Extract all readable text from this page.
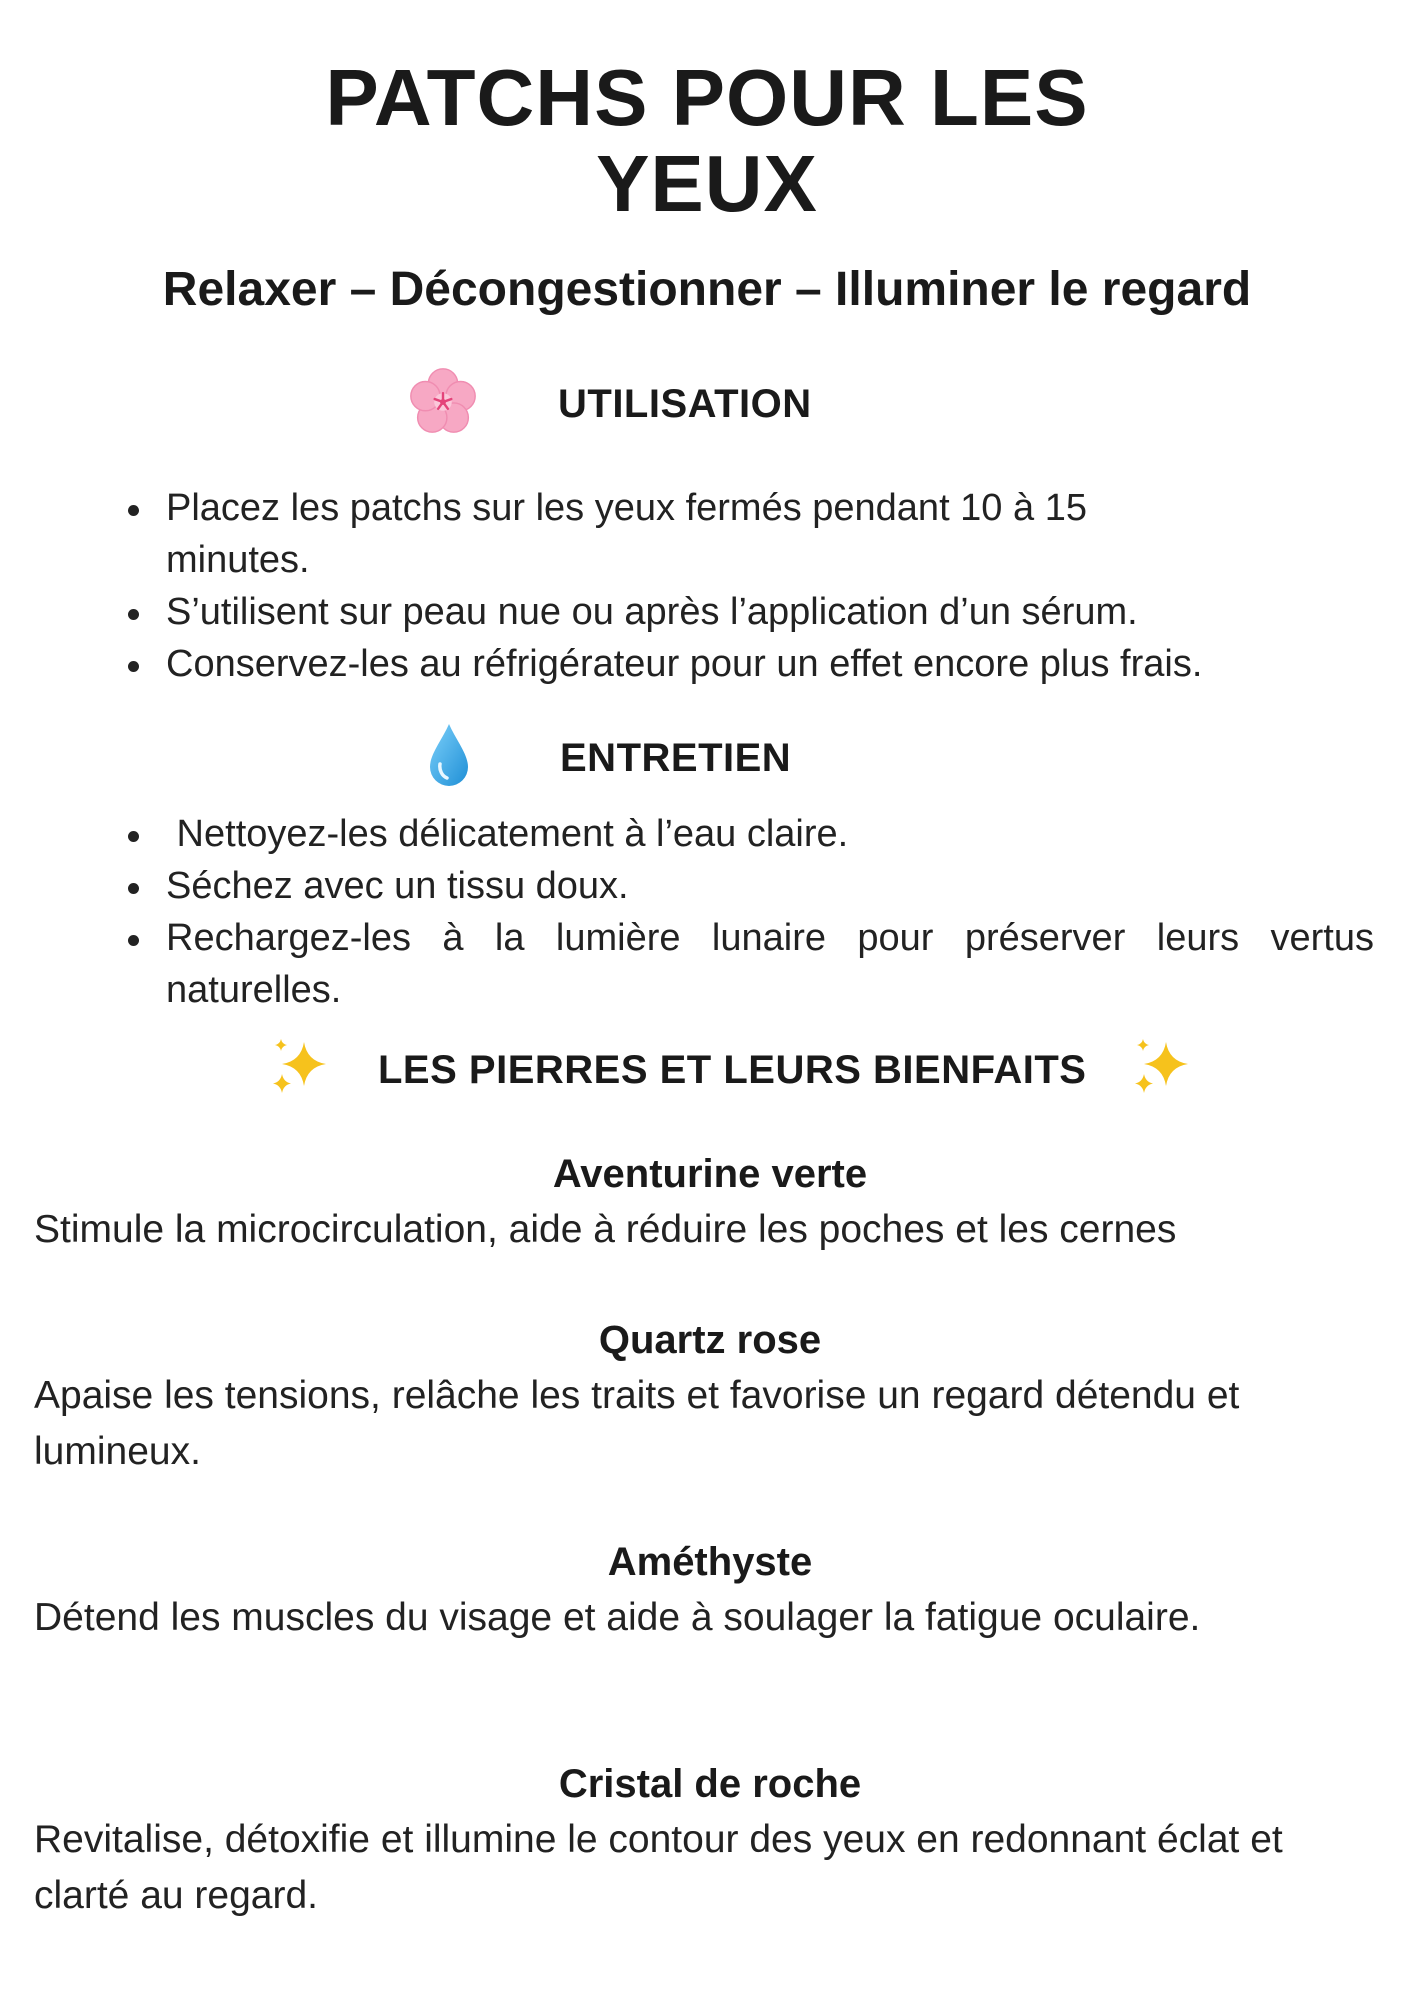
PATCHS POUR LES
YEUX
Relaxer – Décongestionner – Illuminer le regard
UTILISATION
Placez les patchs sur les yeux fermés pendant 10 à 15 minutes.
S’utilisent sur peau nue ou après l’application d’un sérum.
Conservez-les au réfrigérateur pour un effet encore plus frais.
ENTRETIEN
Nettoyez-les délicatement à l’eau claire.
Séchez avec un tissu doux.
Rechargez-les à la lumière lunaire pour préserver leurs vertus naturelles.
LES PIERRES ET LEURS BIENFAITS
Aventurine verte
Stimule la microcirculation, aide à réduire les poches et les cernes
Quartz rose
Apaise les tensions, relâche les traits et favorise un regard détendu et lumineux.
Améthyste
Détend les muscles du visage et aide à soulager la fatigue oculaire.
Cristal de roche
Revitalise, détoxifie et illumine le contour des yeux en redonnant éclat et clarté au regard.
